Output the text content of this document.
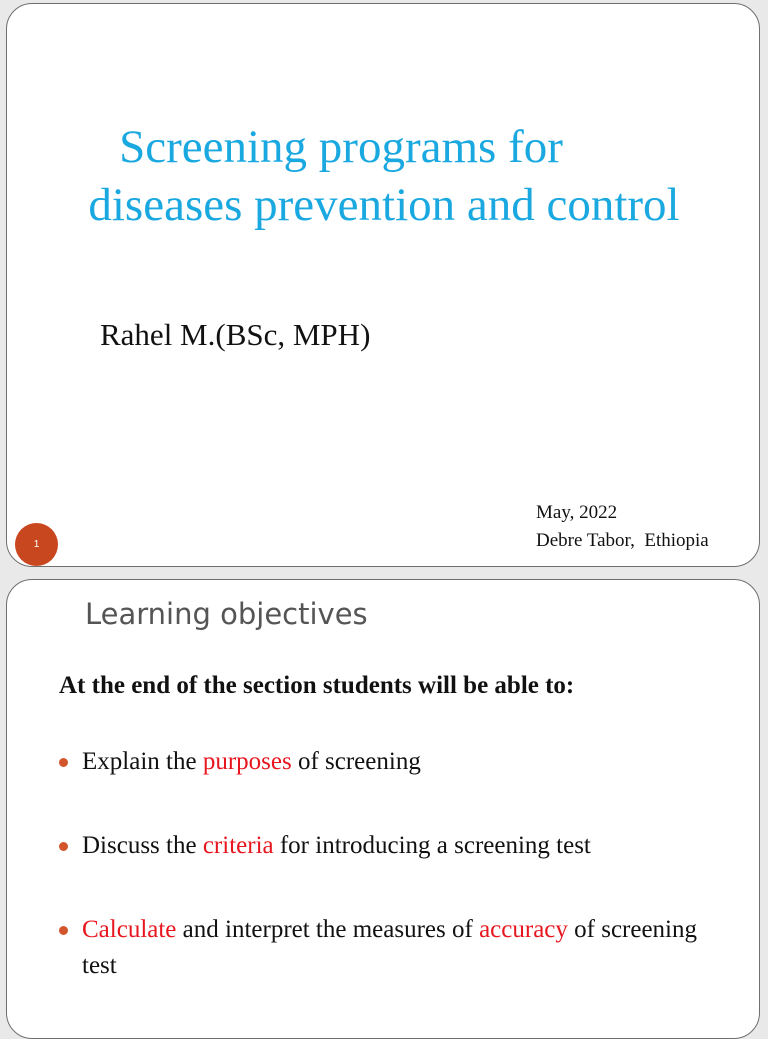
Screening programs for
diseases prevention and control

Rahel M.(BSc, MPH)

May, 2022
Debre Tabor,  Ethiopia
1
Learning objectives

At the end of the section students will be able to:

Explain the purposes of screening
Discuss the criteria for introducing a screening test
Calculate and interpret the measures of accuracy of screening test
